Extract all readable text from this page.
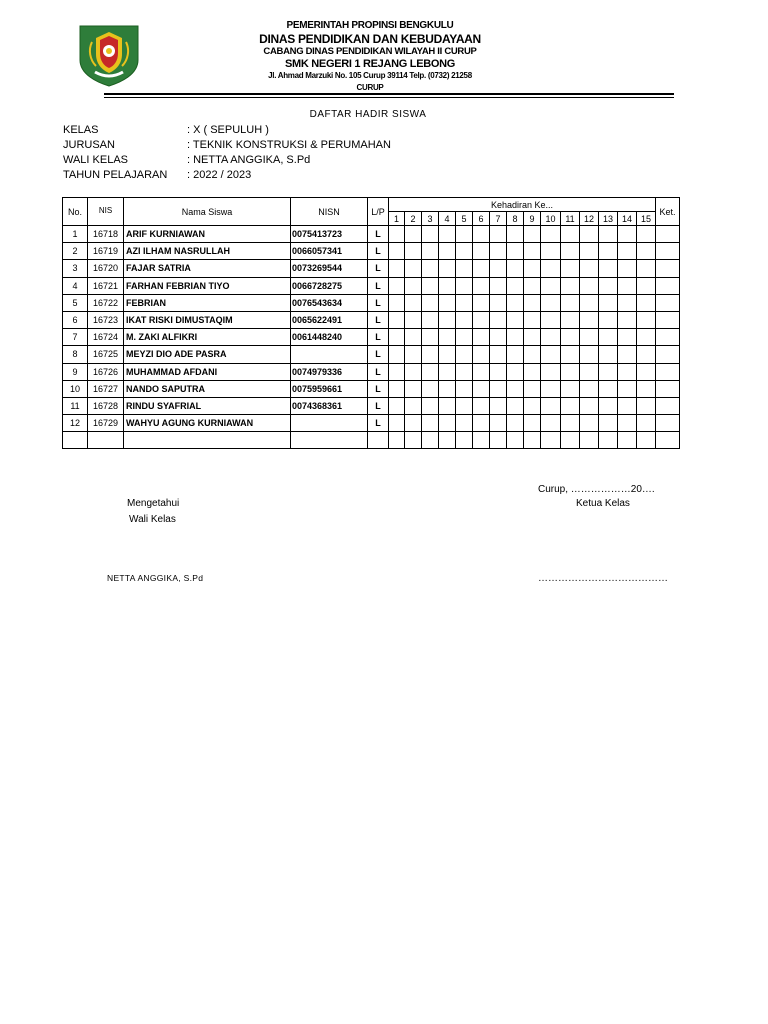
PEMERINTAH PROPINSI BENGKULU
DINAS PENDIDIKAN DAN KEBUDAYAAN
CABANG DINAS PENDIDIKAN WILAYAH II CURUP
SMK NEGERI 1 REJANG LEBONG
Jl. Ahmad Marzuki No. 105 Curup 39114 Telp. (0732) 21258
CURUP
DAFTAR HADIR SISWA
KELAS	: X ( SEPULUH )
JURUSAN	: TEKNIK KONSTRUKSI & PERUMAHAN
WALI KELAS	: NETTA ANGGIKA, S.Pd
TAHUN PELAJARAN : 2022 / 2023
No.	NIS	Nama Siswa	NISN	L/P	Kehadiran Ke...															Ket.
					1	2	3	4	5	6	7	8	9	10	11	12	13	14	15	
1	16718	ARIF KURNIAWAN	0075413723	L																
2	16719	AZI ILHAM NASRULLAH	0066057341	L																
3	16720	FAJAR SATRIA	0073269544	L																
4	16721	FARHAN FEBRIAN TIYO	0066728275	L																
5	16722	FEBRIAN	0076543634	L																
6	16723	IKAT RISKI DIMUSTAQIM	0065622491	L																
7	16724	M. ZAKI ALFIKRI	0061448240	L																
8	16725	MEYZI DIO ADE PASRA		L																
9	16726	MUHAMMAD AFDANI	0074979336	L																
10	16727	NANDO SAPUTRA	0075959661	L																
11	16728	RINDU SYAFRIAL	0074368361	L																
12	16729	WAHYU AGUNG KURNIAWAN		L																

Curup, ………………20….
Mengetahui
Wali Kelas
Ketua Kelas
NETTA ANGGIKA, S.Pd	…………………………………
